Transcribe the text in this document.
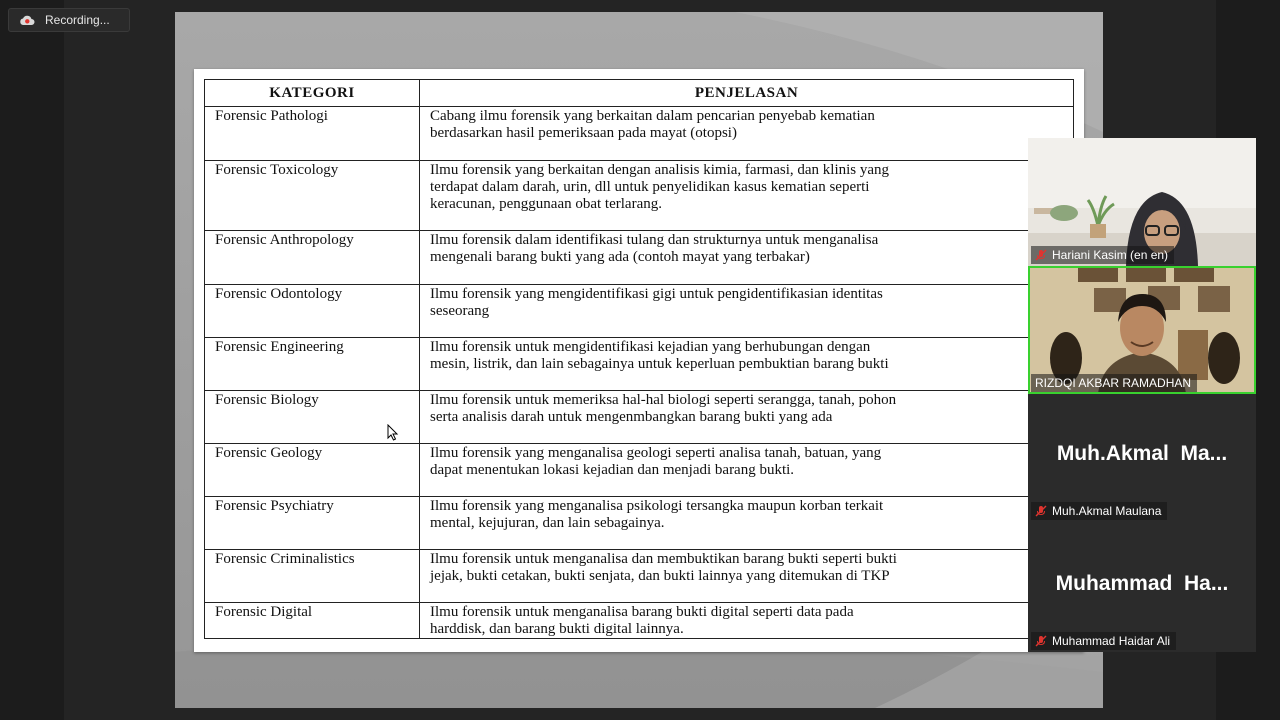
Recording...
KATEGORI	PENJELASAN
Forensic Pathologi	Cabang ilmu forensik yang berkaitan dalam pencarian penyebab kematian
berdasarkan hasil pemeriksaan pada mayat (otopsi)

Forensic Toxicology	Ilmu forensik yang berkaitan dengan analisis kimia, farmasi, dan klinis yang
terdapat dalam darah, urin, dll untuk penyelidikan kasus kematian seperti
keracunan, penggunaan obat terlarang.

Forensic Anthropology	Ilmu forensik dalam identifikasi tulang dan strukturnya untuk menganalisa
mengenali barang bukti yang ada (contoh mayat yang terbakar)

Forensic Odontology	Ilmu forensik yang mengidentifikasi gigi untuk pengidentifikasian identitas
seseorang

Forensic Engineering	Ilmu forensik untuk mengidentifikasi kejadian yang berhubungan dengan
mesin, listrik, dan lain sebagainya untuk keperluan pembuktian barang bukti

Forensic Biology	Ilmu forensik untuk memeriksa hal-hal biologi seperti serangga, tanah, pohon
serta analisis darah untuk mengenmbangkan barang bukti yang ada

Forensic Geology	Ilmu forensik yang menganalisa geologi seperti analisa tanah, batuan, yang
dapat menentukan lokasi kejadian dan menjadi barang bukti.

Forensic Psychiatry	Ilmu forensik yang menganalisa psikologi tersangka maupun korban terkait
mental, kejujuran, dan lain sebagainya.

Forensic Criminalistics	Ilmu forensik untuk menganalisa dan membuktikan barang bukti seperti bukti
jejak, bukti cetakan, bukti senjata, dan bukti lainnya yang ditemukan di TKP

Forensic Digital	Ilmu forensik untuk menganalisa barang bukti digital seperti data pada
harddisk, dan barang bukti digital lainnya.
Hariani Kasim (en en)
RIZDQI AKBAR RAMADHAN
Muh.Akmal  Ma...
Muh.Akmal Maulana
Muhammad  Ha...
Muhammad Haidar Ali
